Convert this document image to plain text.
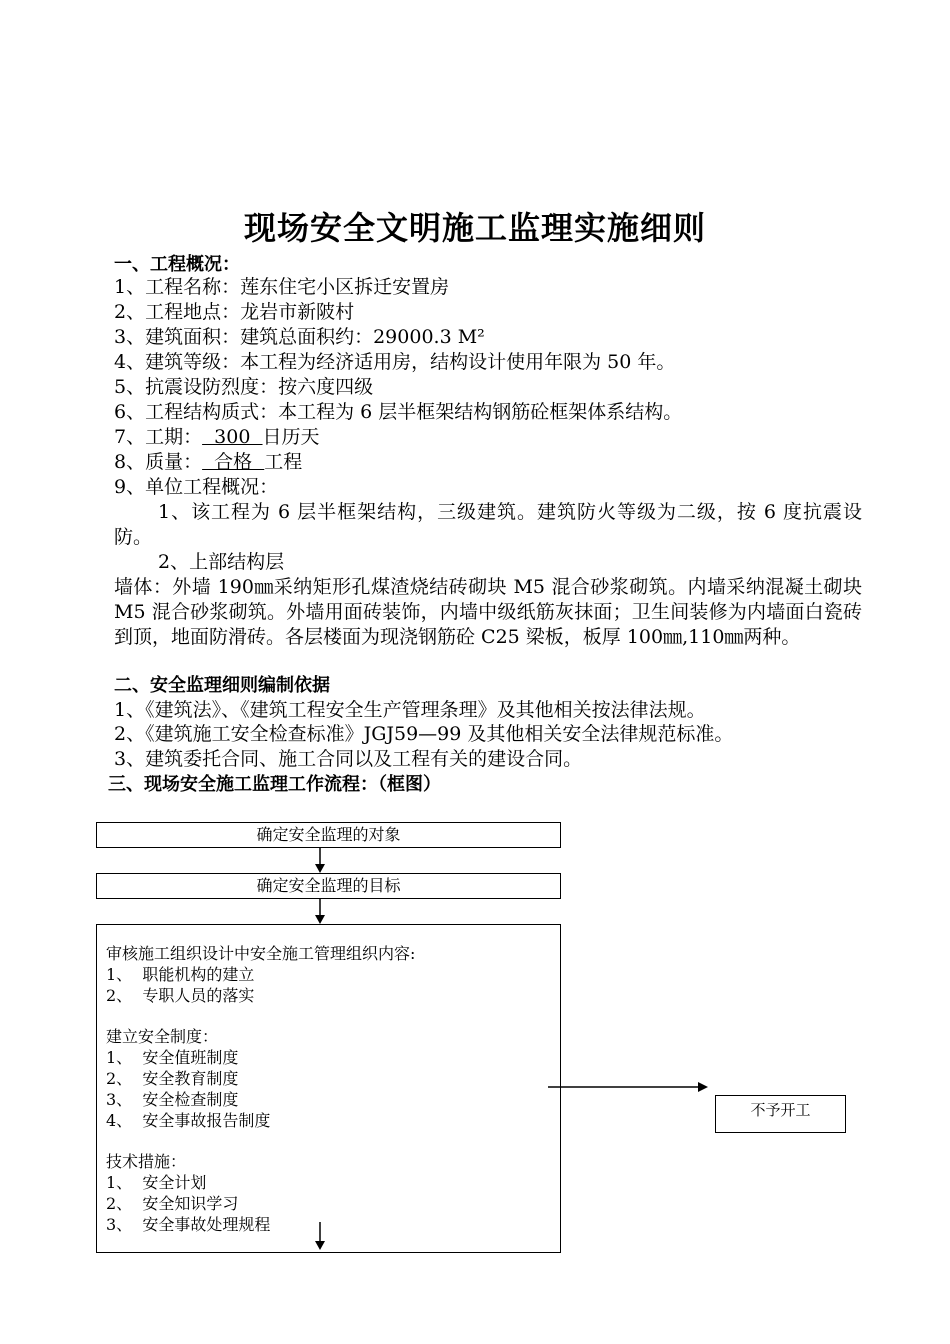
现场安全文明施工监理实施细则
一、工程概况：
1、工程名称：莲东住宅小区拆迁安置房
2、工程地点：龙岩市新陂村
3、建筑面积：建筑总面积约：29000.3 M²
4、建筑等级：本工程为经济适用房，结构设计使用年限为 50 年。
5、抗震设防烈度：按六度四级
6、工程结构质式：本工程为 6 层半框架结构钢筋砼框架体系结构。
7、工期：  300  日历天
8、质量：  合格  工程
9、单位工程概况：
1、该工程为 6 层半框架结构，三级建筑。建筑防火等级为二级，按 6 度抗震设防。
2、上部结构层
墙体：外墙 190㎜采纳矩形孔煤渣烧结砖砌块 M5 混合砂浆砌筑。内墙采纳混凝土砌块 M5 混合砂浆砌筑。外墙用面砖装饰，内墙中级纸筋灰抹面；卫生间装修为内墙面白瓷砖到顶，地面防滑砖。各层楼面为现浇钢筋砼 C25 梁板，板厚 100㎜,110㎜两种。
二、安全监理细则编制依据
1、《建筑法》、《建筑工程安全生产管理条理》及其他相关按法律法规。
2、《建筑施工安全检查标准》JGJ59—99 及其他相关安全法律规范标准。
3、建筑委托合同、施工合同以及工程有关的建设合同。
三、现场安全施工监理工作流程：（框图）
确定安全监理的对象
确定安全监理的目标
审核施工组织设计中安全施工管理组织内容:
1、  职能机构的建立
2、  专职人员的落实
建立安全制度：
1、  安全值班制度
2、  安全教育制度
3、  安全检查制度
4、  安全事故报告制度
技术措施：
1、  安全计划
2、  安全知识学习
3、  安全事故处理规程
不予开工
